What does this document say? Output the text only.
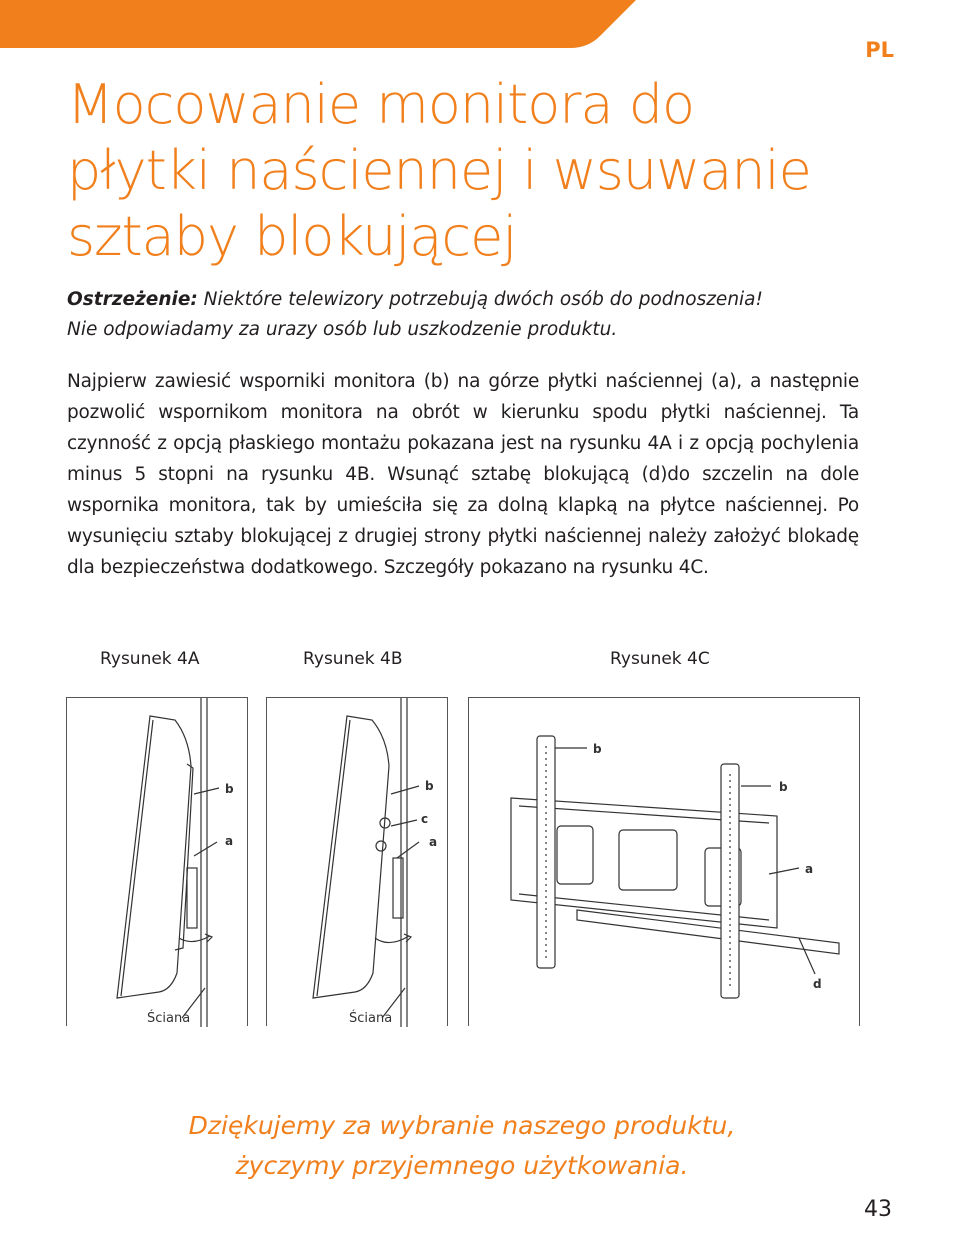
PL
Mocowanie monitora do
płytki naściennej i wsuwanie
sztaby blokującej
Ostrzeżenie: Niektóre telewizory potrzebują dwóch osób do podnoszenia!
Nie odpowiadamy za urazy osób lub uszkodzenie produktu.

Najpierw zawiesić wsporniki monitora (b) na górze płytki naściennej (a), a następnie pozwolić wspornikom monitora na obrót w kierunku spodu płytki naściennej. Ta czynność z opcją płaskiego montażu pokazana jest na rysunku 4A i z opcją pochylenia minus 5 stopni na rysunku 4B. Wsunąć sztabę blokującą (d)do szczelin na dole wspornika monitora, tak by umieściła się za dolną klapką na płytce naściennej. Po wysunięciu sztaby blokującej z drugiej strony płytki naściennej należy założyć blokadę dla bezpieczeństwa dodatkowego. Szczegóły pokazano na rysunku 4C.

Rysunek 4A	Rysunek 4B	Rysunek 4C
b
a
Ściana
b
c
a
Ściana
b
b
a
d
Dziękujemy za wybranie naszego produktu,
życzymy przyjemnego użytkowania.
43
